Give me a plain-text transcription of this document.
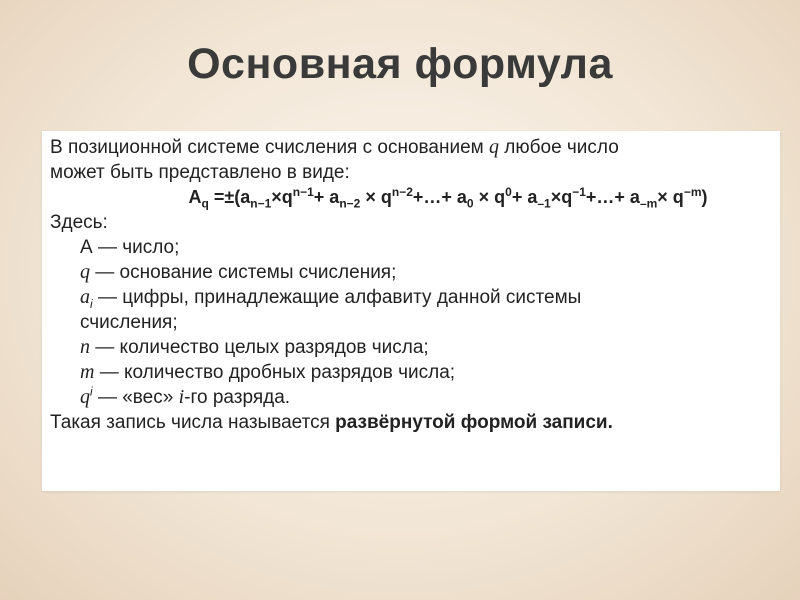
Основная формула
В позиционной системе счисления с основанием q любое число
может быть представлено в виде:
$A_q =\pm(a_{n-1}\times q^{n-1}+ a_{n-2}$ × $q^{n-2}+\dots+ a_0 \times q^0+$ $a_{-1}\times q^{-1}+\dots+ a_{-m}\times q^{-m}$)
Здесь:
А — число;
q — основание системы счисления;
$a_i$ — цифры, принадлежащие алфавиту данной системы
счисления;
n — количество целых разрядов числа;
m — количество дробных разрядов числа;
$q^i$ — «вес» i-го разряда.
Такая запись числа называется развёрнутой формой записи.
